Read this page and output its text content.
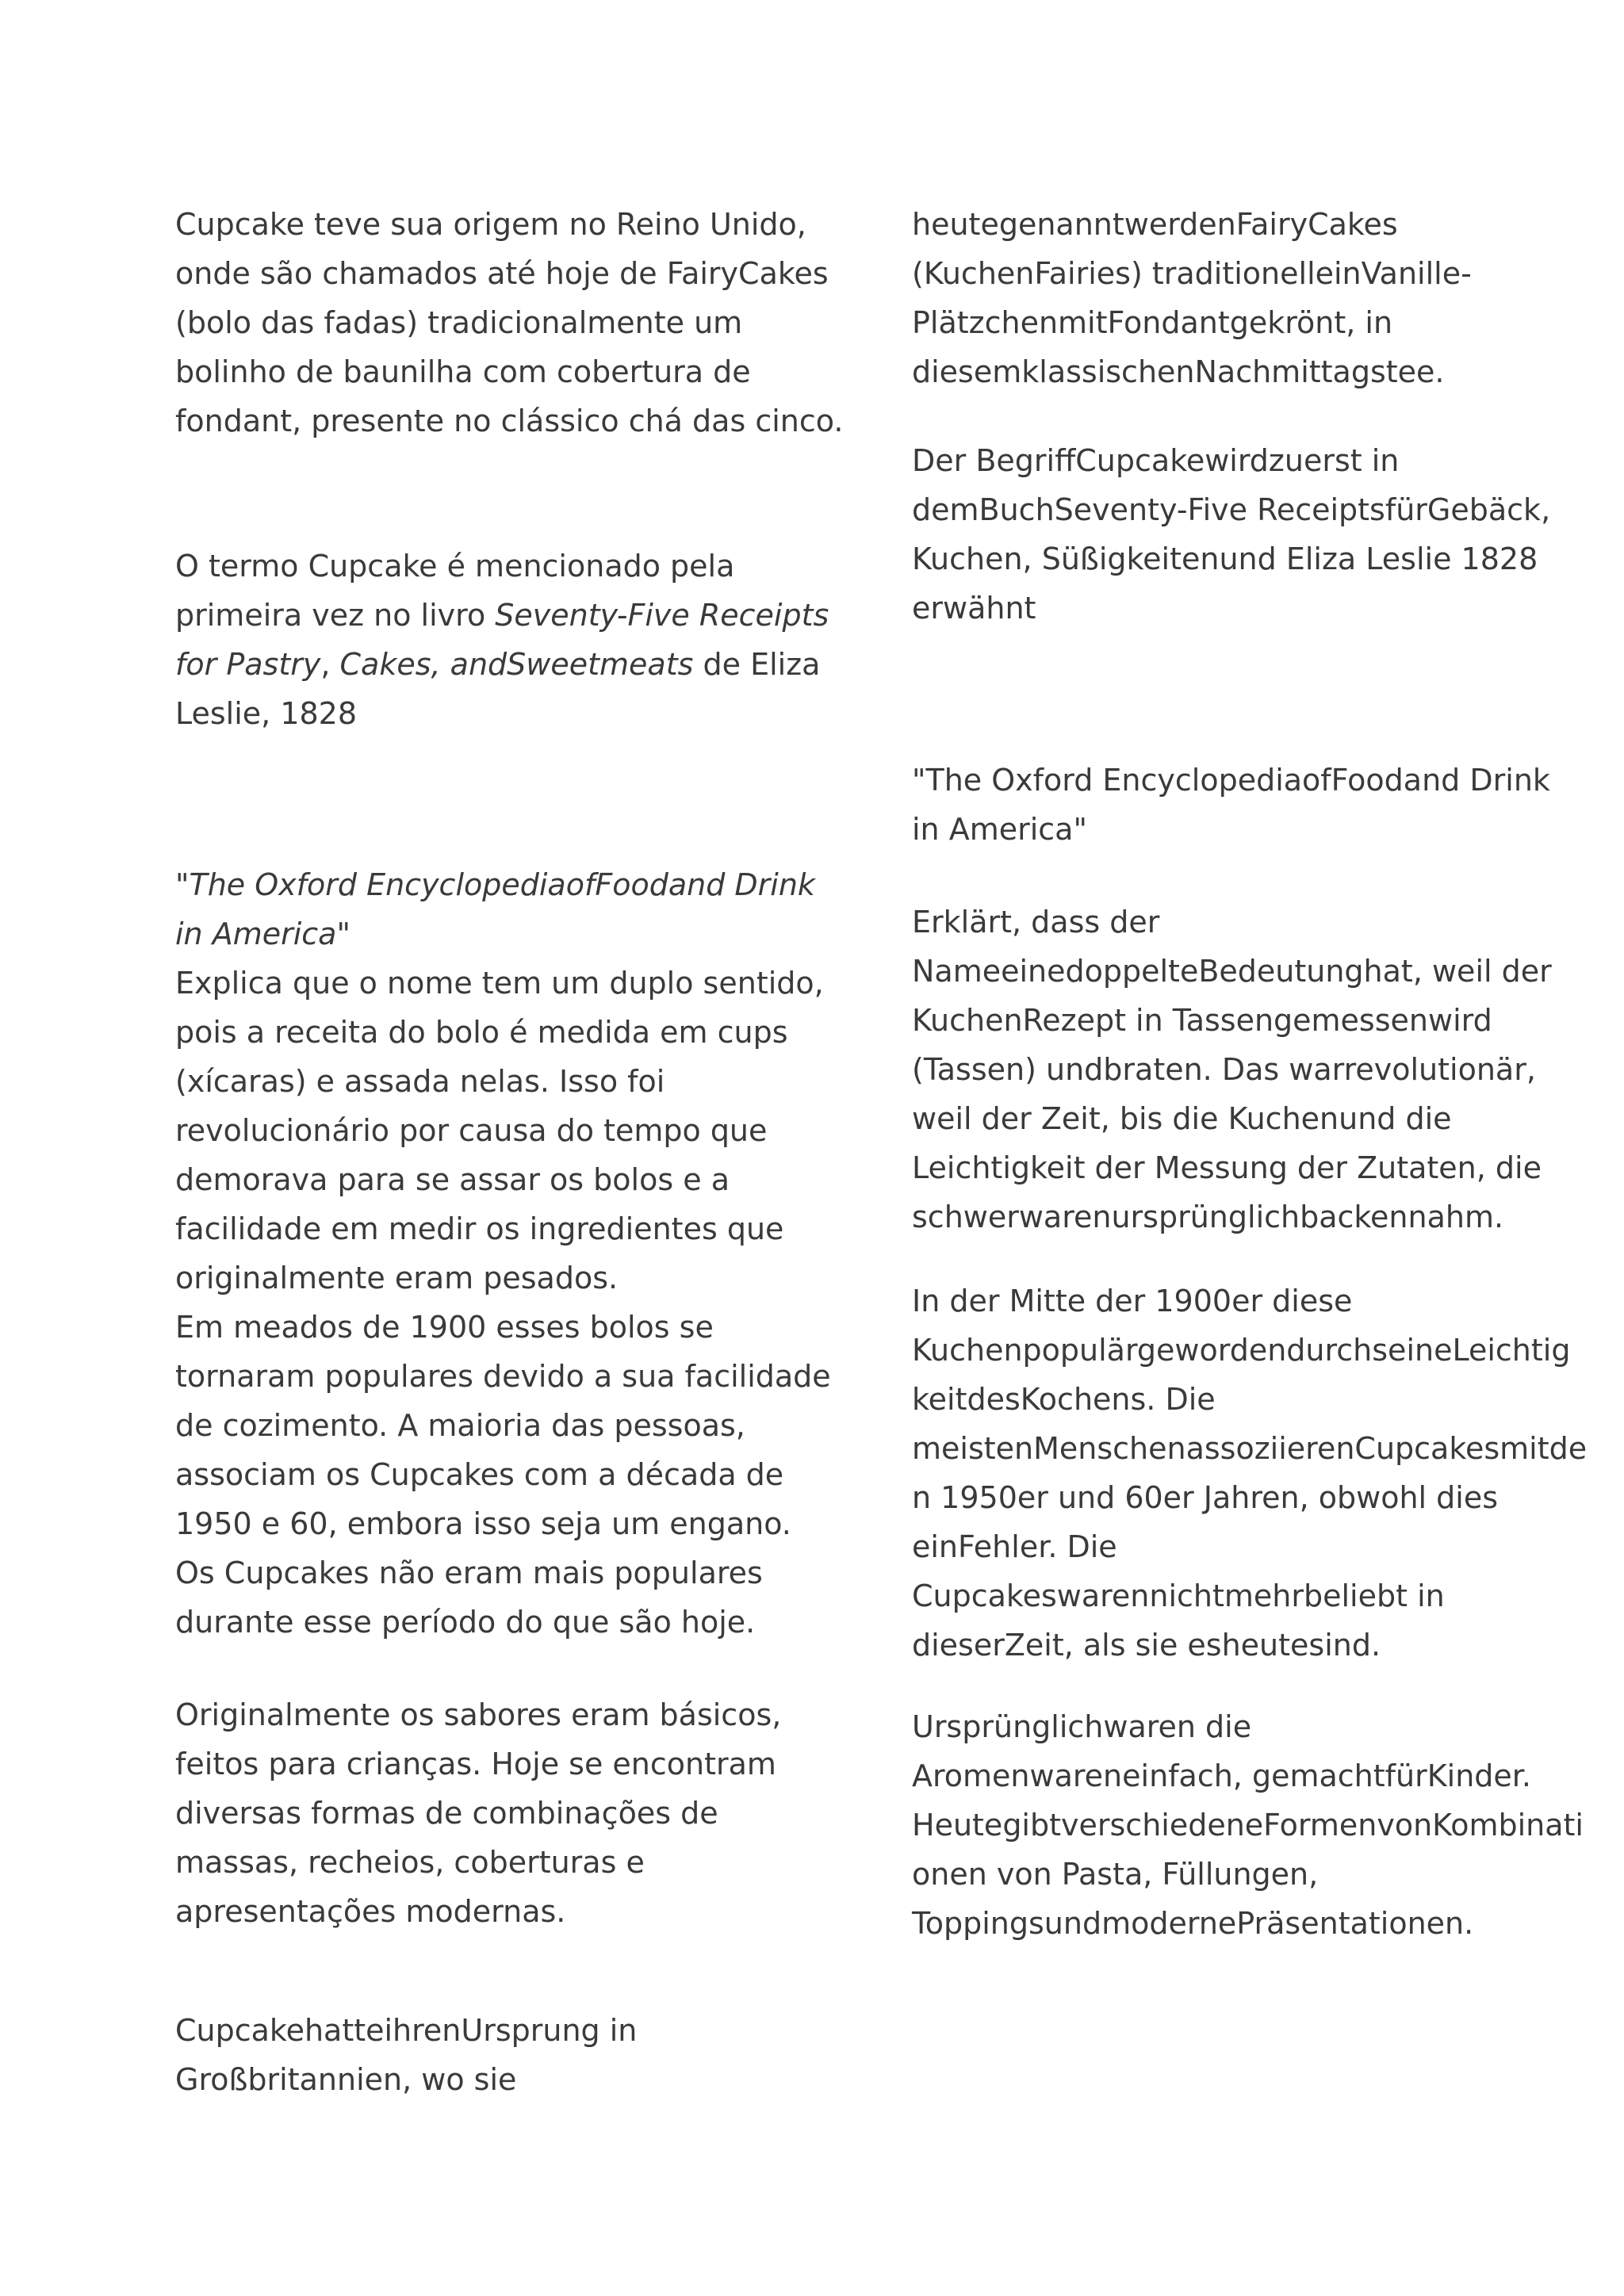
Cupcake teve sua origem no Reino Unido,
onde são chamados até hoje de FairyCakes
(bolo das fadas) tradicionalmente um
bolinho de baunilha com cobertura de
fondant, presente no clássico chá das cinco.
O termo Cupcake é mencionado pela
primeira vez no livro Seventy-Five Receipts
for Pastry, Cakes, andSweetmeats de Eliza
Leslie, 1828
"The Oxford EncyclopediaofFoodand Drink
in America"
Explica que o nome tem um duplo sentido,
pois a receita do bolo é medida em cups
(xícaras) e assada nelas. Isso foi
revolucionário por causa do tempo que
demorava para se assar os bolos e a
facilidade em medir os ingredientes que
originalmente eram pesados.
Em meados de 1900 esses bolos se
tornaram populares devido a sua facilidade
de cozimento. A maioria das pessoas,
associam os Cupcakes com a década de
1950 e 60, embora isso seja um engano.
Os Cupcakes não eram mais populares
durante esse período do que são hoje.
Originalmente os sabores eram básicos,
feitos para crianças. Hoje se encontram
diversas formas de combinações de
massas, recheios, coberturas e
apresentações modernas.
CupcakehatteihrenUrsprung in
Großbritannien, wo sie
heutegenanntwerdenFairyCakes
(KuchenFairies) traditionelleinVanille-
PlätzchenmitFondantgekrönt, in
diesemklassischenNachmittagstee.
Der BegriffCupcakewirdzuerst in
demBuchSeventy-Five ReceiptsfürGebäck,
Kuchen, Süßigkeitenund Eliza Leslie 1828
erwähnt
"The Oxford EncyclopediaofFoodand Drink
in America"
Erklärt, dass der
NameeinedoppelteBedeutunghat, weil der
KuchenRezept in Tassengemessenwird
(Tassen) undbraten. Das warrevolutionär,
weil der Zeit, bis die Kuchenund die
Leichtigkeit der Messung der Zutaten, die
schwerwarenursprünglichbackennahm.
In der Mitte der 1900er diese
KuchenpopulärgewordendurchseineLeichtig
keitdesKochens. Die
meistenMenschenassoziierenCupcakesmitde
n 1950er und 60er Jahren, obwohl dies
einFehler. Die
Cupcakeswarennichtmehrbeliebt in
dieserZeit, als sie esheutesind.
Ursprünglichwaren die
Aromenwareneinfach, gemachtfürKinder.
HeutegibtverschiedeneFormenvonKombinati
onen von Pasta, Füllungen,
ToppingsundmodernePräsentationen.
